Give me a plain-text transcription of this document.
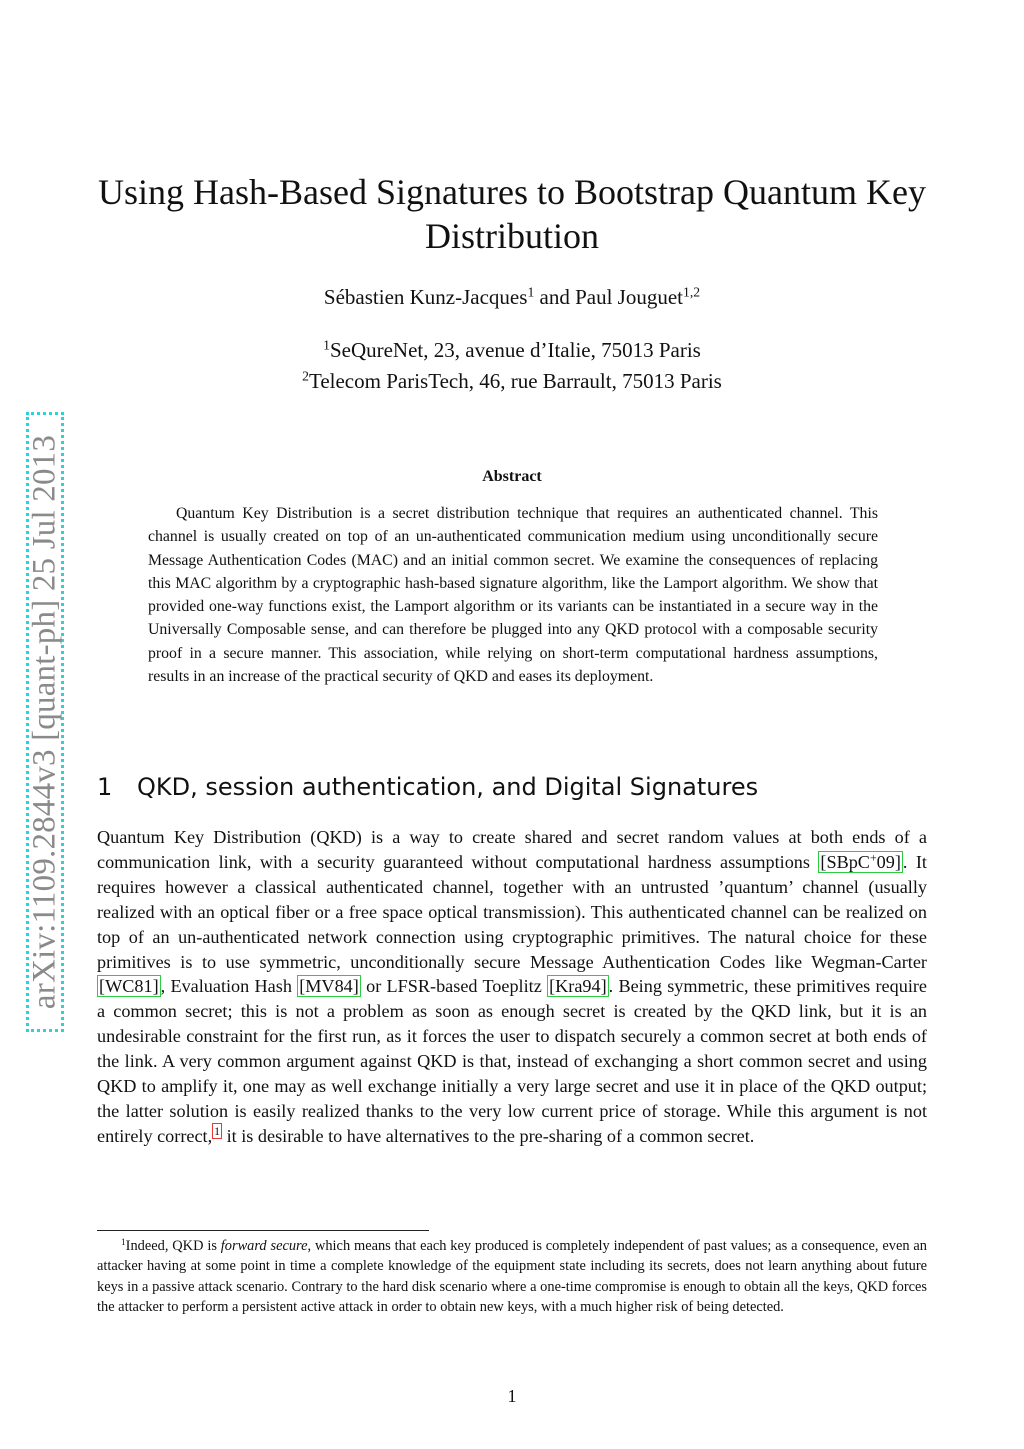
arXiv:1109.2844v3 [quant-ph] 25 Jul 2013
Using Hash-Based Signatures to Bootstrap Quantum Key Distribution
Sébastien Kunz-Jacques$^1$ and Paul Jouguet$^{1,2}$
$^1$SeQureNet, 23, avenue d’Italie, 75013 Paris
$^2$Telecom ParisTech, 46, rue Barrault, 75013 Paris
Abstract
Quantum Key Distribution is a secret distribution technique that requires an authenticated channel. This channel is usually created on top of an un-authenticated communication medium using unconditionally secure Message Authentication Codes (MAC) and an initial common secret. We examine the consequences of replacing this MAC algorithm by a cryptographic hash-based signature algorithm, like the Lamport algorithm. We show that provided one-way functions exist, the Lamport algorithm or its variants can be instantiated in a secure way in the Universally Composable sense, and can therefore be plugged into any QKD protocol with a composable security proof in a secure manner. This association, while relying on short-term computational hardness assumptions, results in an increase of the practical security of QKD and eases its deployment.
1 QKD, session authentication, and Digital Signatures
Quantum Key Distribution (QKD) is a way to create shared and secret random values at both ends of a communication link, with a security guaranteed without computational hardness assumptions [SBpC+09] . It requires however a classical authenticated channel, together with an untrusted ’quantum’ channel (usually realized with an optical fiber or a free space optical transmission). This authenticated channel can be realized on top of an un-authenticated network connection using cryptographic primitives. The natural choice for these primitives is to use symmetric, unconditionally secure Message Authentication Codes like Wegman-Carter [WC81] , Evaluation Hash [MV84] or LFSR-based Toeplitz [Kra94] . Being symmetric, these primitives require a common secret; this is not a problem as soon as enough secret is created by the QKD link, but it is an undesirable constraint for the first run, as it forces the user to dispatch securely a common secret at both ends of the link. A very common argument against QKD is that, instead of exchanging a short common secret and using QKD to amplify it, one may as well exchange initially a very large secret and use it in place of the QKD output; the latter solution is easily realized thanks to the very low current price of storage. While this argument is not entirely correct, $^1$ it is desirable to have alternatives to the pre-sharing of a common secret.
$^1$Indeed, QKD is forward secure, which means that each key produced is completely independent of past values; as a consequence, even an attacker having at some point in time a complete knowledge of the equipment state including its secrets, does not learn anything about future keys in a passive attack scenario. Contrary to the hard disk scenario where a one-time compromise is enough to obtain all the keys, QKD forces the attacker to perform a persistent active attack in order to obtain new keys, with a much higher risk of being detected.
1
